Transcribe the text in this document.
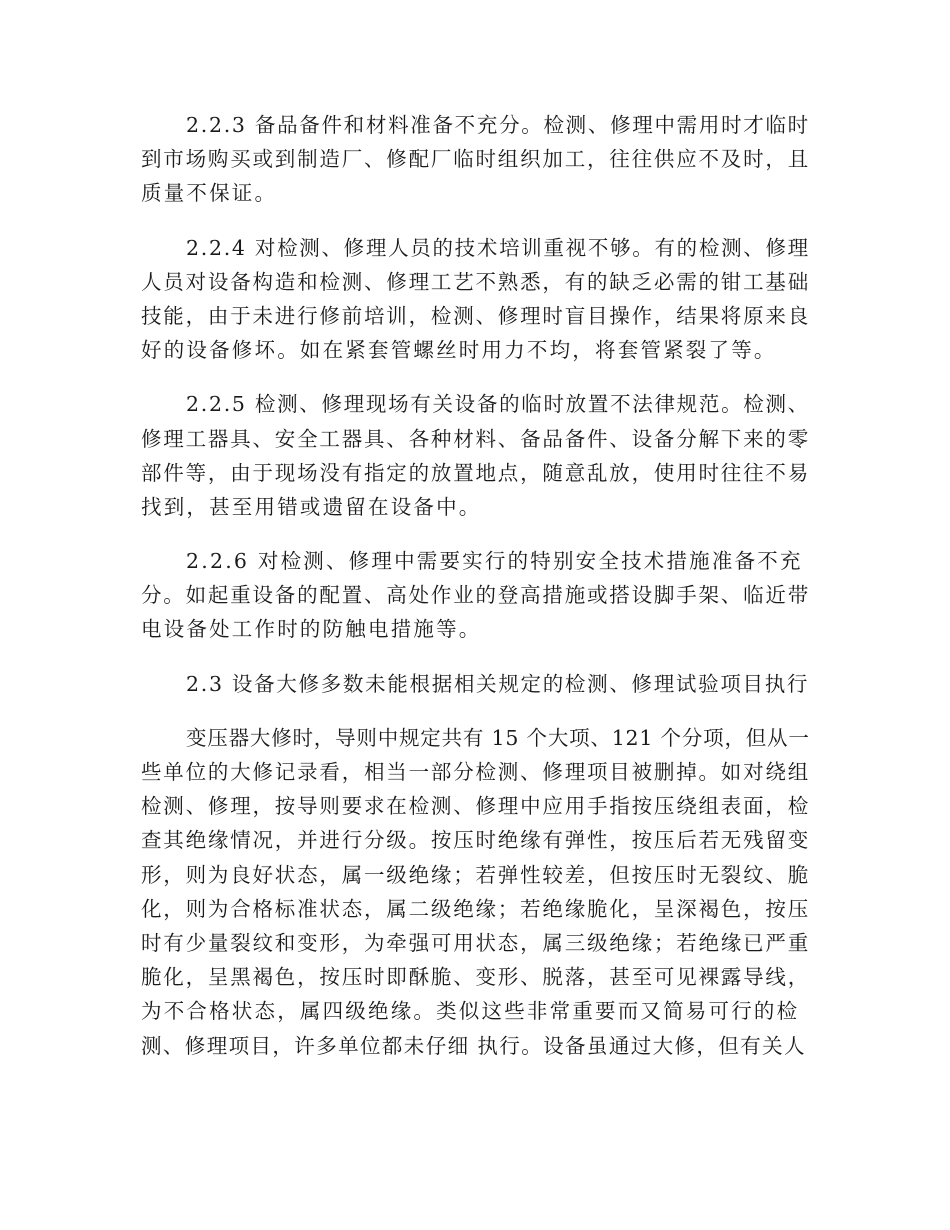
2.2.3 备品备件和材料准备不充分。检测、修理中需用时才临时
到市场购买或到制造厂、修配厂临时组织加工，往往供应不及时，且
质量不保证。
2.2.4 对检测、修理人员的技术培训重视不够。有的检测、修理
人员对设备构造和检测、修理工艺不熟悉，有的缺乏必需的钳工基础
技能，由于未进行修前培训，检测、修理时盲目操作，结果将原来良
好的设备修坏。如在紧套管螺丝时用力不均，将套管紧裂了等。
2.2.5 检测、修理现场有关设备的临时放置不法律规范。检测、
修理工器具、安全工器具、各种材料、备品备件、设备分解下来的零
部件等，由于现场没有指定的放置地点，随意乱放，使用时往往不易
找到，甚至用错或遗留在设备中。
2.2.6 对检测、修理中需要实行的特别安全技术措施准备不充
分。如起重设备的配置、高处作业的登高措施或搭设脚手架、临近带
电设备处工作时的防触电措施等。
2.3 设备大修多数未能根据相关规定的检测、修理试验项目执行
变压器大修时，导则中规定共有 15 个大项、121 个分项，但从一
些单位的大修记录看，相当一部分检测、修理项目被删掉。如对绕组
检测、修理，按导则要求在检测、修理中应用手指按压绕组表面，检
查其绝缘情况，并进行分级。按压时绝缘有弹性，按压后若无残留变
形，则为良好状态，属一级绝缘；若弹性较差，但按压时无裂纹、脆
化，则为合格标准状态，属二级绝缘；若绝缘脆化，呈深褐色，按压
时有少量裂纹和变形，为牵强可用状态，属三级绝缘；若绝缘已严重
脆化，呈黑褐色，按压时即酥脆、变形、脱落，甚至可见裸露导线，
为不合格状态，属四级绝缘。类似这些非常重要而又简易可行的检
测、修理项目，许多单位都未仔细 执行。设备虽通过大修，但有关人
